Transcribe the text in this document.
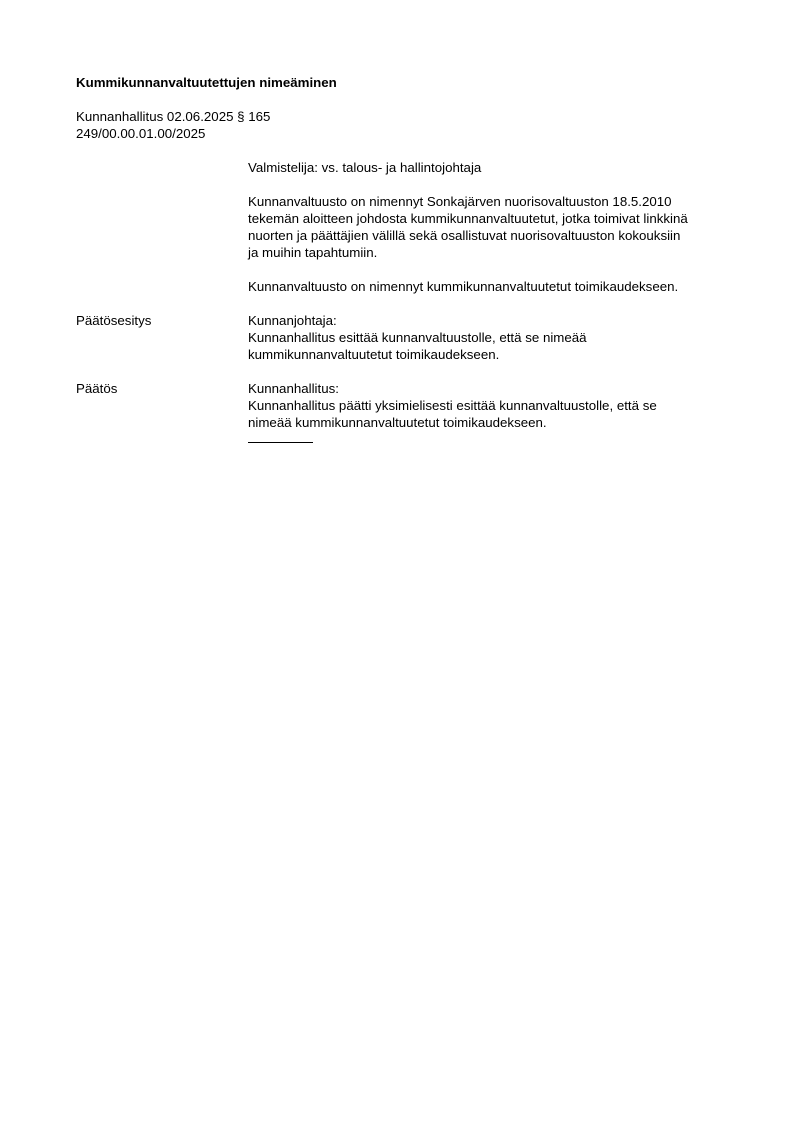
Kummikunnanvaltuutettujen nimeäminen
Kunnanhallitus 02.06.2025 § 165
249/00.00.01.00/2025
Valmistelija: vs. talous- ja hallintojohtaja
Kunnanvaltuusto on nimennyt Sonkajärven nuorisovaltuuston 18.5.2010
tekemän aloitteen johdosta kummikunnanvaltuutetut, jotka toimivat linkkinä
nuorten ja päättäjien välillä sekä osallistuvat nuorisovaltuuston kokouksiin
ja muihin tapahtumiin.
Kunnanvaltuusto on nimennyt kummikunnanvaltuutetut toimikaudekseen.
Päätösesitys	Kunnanjohtaja:
Kunnanhallitus esittää kunnanvaltuustolle, että se nimeää
kummikunnanvaltuutetut toimikaudekseen.
Päätös	Kunnanhallitus:
Kunnanhallitus päätti yksimielisesti esittää kunnanvaltuustolle, että se
nimeää kummikunnanvaltuutetut toimikaudekseen.
